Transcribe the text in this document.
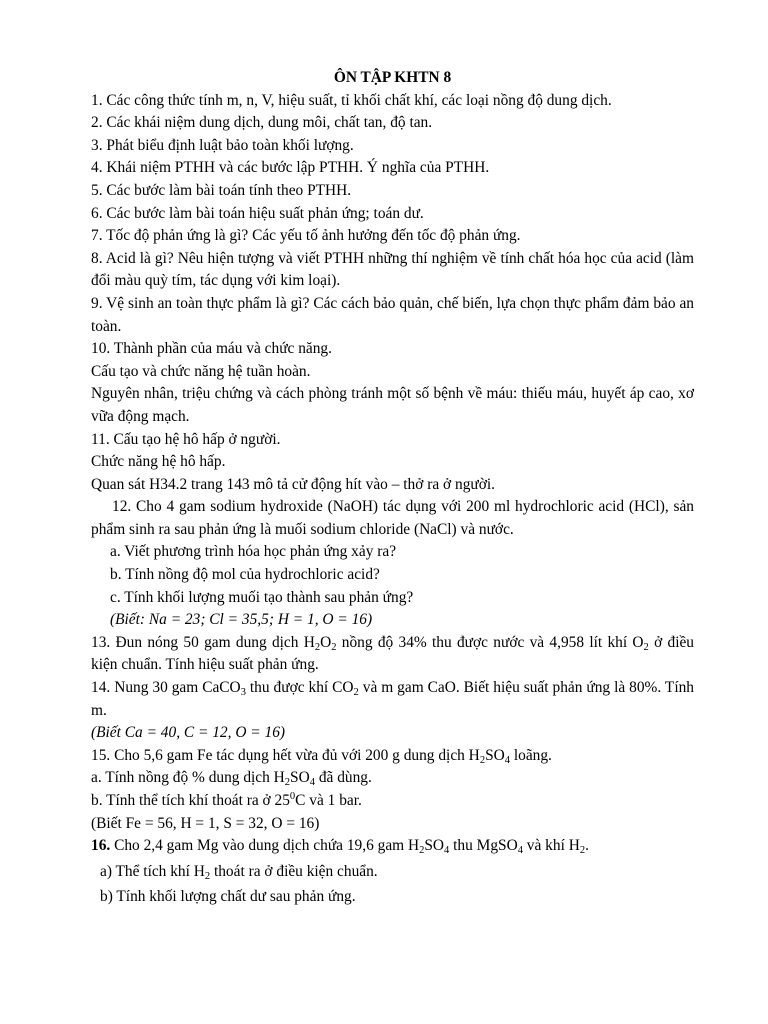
ÔN TẬP KHTN 8

1. Các công thức tính m, n, V, hiệu suất, tỉ khối chất khí, các loại nồng độ dung dịch.

2. Các khái niệm dung dịch, dung môi, chất tan, độ tan.

3. Phát biểu định luật bảo toàn khối lượng.

4. Khái niệm PTHH và các bước lập PTHH. Ý nghĩa của PTHH.

5. Các bước làm bài toán tính theo PTHH.

6. Các bước làm bài toán hiệu suất phản ứng; toán dư.

7. Tốc độ phản ứng là gì? Các yếu tố ảnh hưởng đến tốc độ phản ứng.

8. Acid là gì? Nêu hiện tượng và viết PTHH những thí nghiệm về tính chất hóa học của acid (làm đổi màu quỳ tím, tác dụng với kim loại).

9. Vệ sinh an toàn thực phẩm là gì? Các cách bảo quản, chế biến, lựa chọn thực phẩm đảm bảo an toàn.

10. Thành phần của máu và chức năng.

Cấu tạo và chức năng hệ tuần hoàn.

Nguyên nhân, triệu chứng và cách phòng tránh một số bệnh về máu: thiếu máu, huyết áp cao, xơ vữa động mạch.

11. Cấu tạo hệ hô hấp ở người.

Chức năng hệ hô hấp.

Quan sát H34.2 trang 143 mô tả cử động hít vào – thở ra ở người.

12. Cho 4 gam sodium hydroxide (NaOH) tác dụng với 200 ml hydrochloric acid (HCl), sản phẩm sinh ra sau phản ứng là muối sodium chloride (NaCl) và nước.

a. Viết phương trình hóa học phản ứng xảy ra?

b. Tính nồng độ mol của hydrochloric acid?

c. Tính khối lượng muối tạo thành sau phản ứng?

(Biết: Na = 23; Cl = 35,5; H = 1, O = 16)

13. Đun nóng 50 gam dung dịch $H_2O_2$ nồng độ 34% thu được nước và 4,958 lít khí $O_2$ ở điều kiện chuẩn. Tính hiệu suất phản ứng.

14. Nung 30 gam CaCO$_3$ thu được khí $CO_2$ và m gam CaO. Biết hiệu suất phản ứng là 80%. Tính m.

(Biết Ca = 40, C = 12, O = 16)

15. Cho 5,6 gam Fe tác dụng hết vừa đủ với 200 g dung dịch $H_2SO_4$ loãng.

a. Tính nồng độ % dung dịch $H_2SO_4$ đã dùng.

b. Tính thể tích khí thoát ra ở $25^0C$ và 1 bar.

(Biết Fe = 56, H = 1, S = 32, O = 16)

16. Cho 2,4 gam Mg vào dung dịch chứa 19,6 gam $H_2SO_4$ thu MgSO$_4$ và khí $H_2$.

a) Thể tích khí $H_2$ thoát ra ở điều kiện chuẩn.

b) Tính khối lượng chất dư sau phản ứng.
